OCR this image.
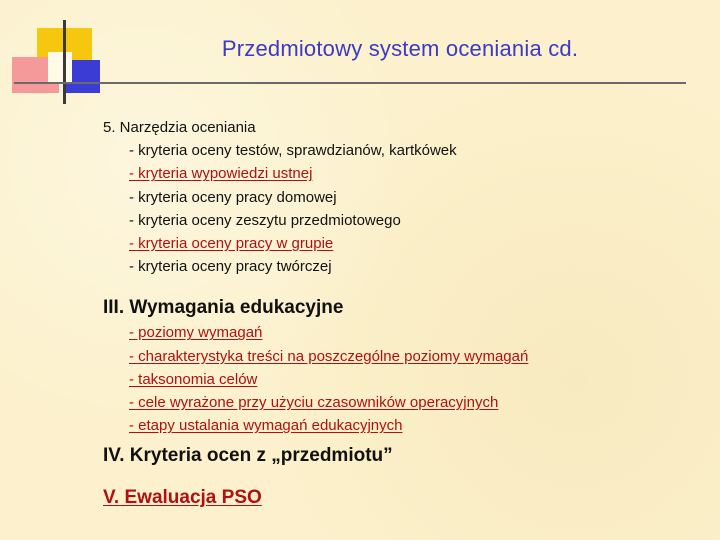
Przedmiotowy system oceniania cd.
5. Narzędzia oceniania
- kryteria oceny testów, sprawdzianów, kartkówek
- kryteria wypowiedzi ustnej
- kryteria oceny pracy domowej
- kryteria oceny zeszytu przedmiotowego
- kryteria oceny pracy w grupie
- kryteria oceny pracy twórczej
III. Wymagania edukacyjne
- poziomy wymagań
- charakterystyka treści na poszczególne poziomy wymagań
- taksonomia celów
- cele wyrażone przy użyciu czasowników operacyjnych
- etapy ustalania wymagań edukacyjnych
IV. Kryteria ocen z „przedmiotu”
V. Ewaluacja PSO
